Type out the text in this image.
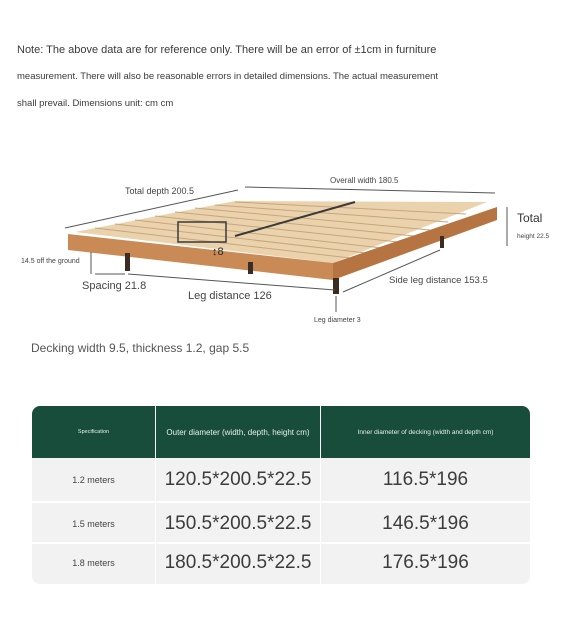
Note: The above data are for reference only. There will be an error of ±1cm in furniture
measurement. There will also be reasonable errors in detailed dimensions. The actual measurement
shall prevail. Dimensions unit: cm cm
Total depth 200.5
Overall width 180.5
Total
height 22.5
14.5 off the ground
Spacing 21.8
Leg distance 126
Side leg distance 153.5
Leg diameter 3
↕8
Decking width 9.5, thickness 1.2, gap 5.5
Specification	Outer diameter (width, depth, height cm)	Inner diameter of decking (width and depth cm)
1.2 meters	120.5*200.5*22.5	116.5*196
1.5 meters	150.5*200.5*22.5	146.5*196
1.8 meters	180.5*200.5*22.5	176.5*196
